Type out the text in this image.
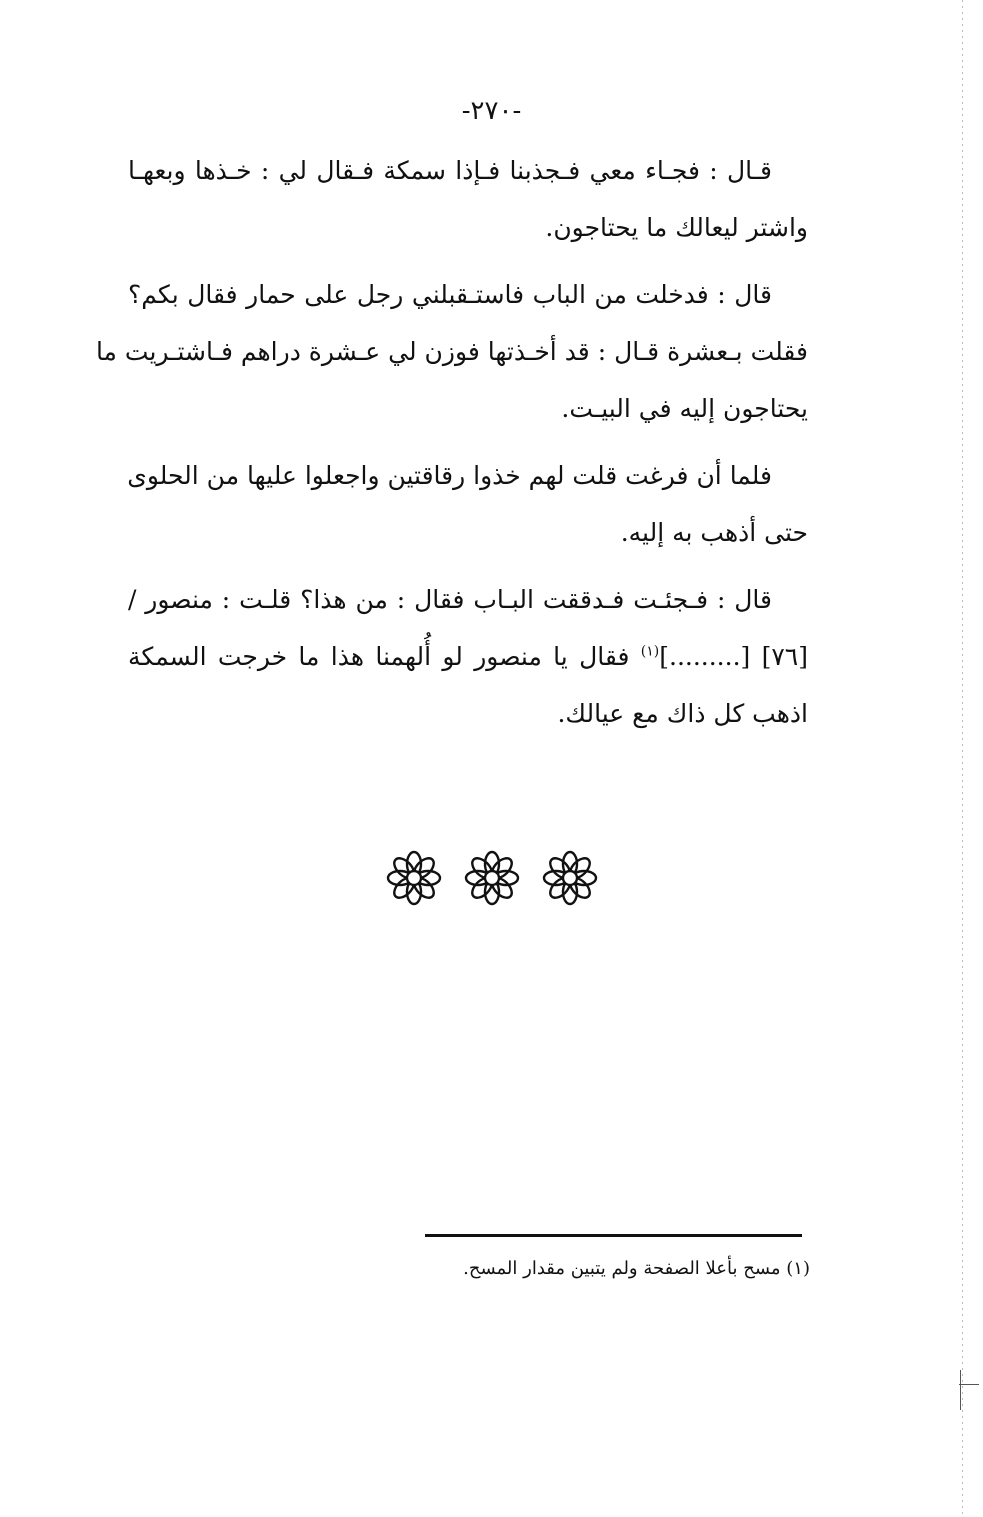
-٢٧٠-

قـال : فجـاء معي فـجذبنا فـإذا سمكة فـقال لي : خـذها وبعهـا
واشتر ليعالك ما يحتاجون.

قال : فدخلت من الباب فاستـقبلني رجل على حمار فقال بكم؟
فقلت بـعشرة قـال : قد أخـذتها فوزن لي عـشرة دراهم فـاشتـريت ما
يحتاجون إليه في البيـت.

فلما أن فرغت قلت لهم خذوا رقاقتين واجعلوا عليها من الحلوى
حتى أذهب به إليه.

قال : فـجئـت فـدققت البـاب فقال : من هذا؟ قلـت : منصور /
[٧٦] [.........]$^{(١)}$ فقال يا منصور لو أُلهمنا هذا ما خرجت السمكة
اذهب كل ذاك مع عيالك.

(١) مسح بأعلا الصفحة ولم يتبين مقدار المسح.
